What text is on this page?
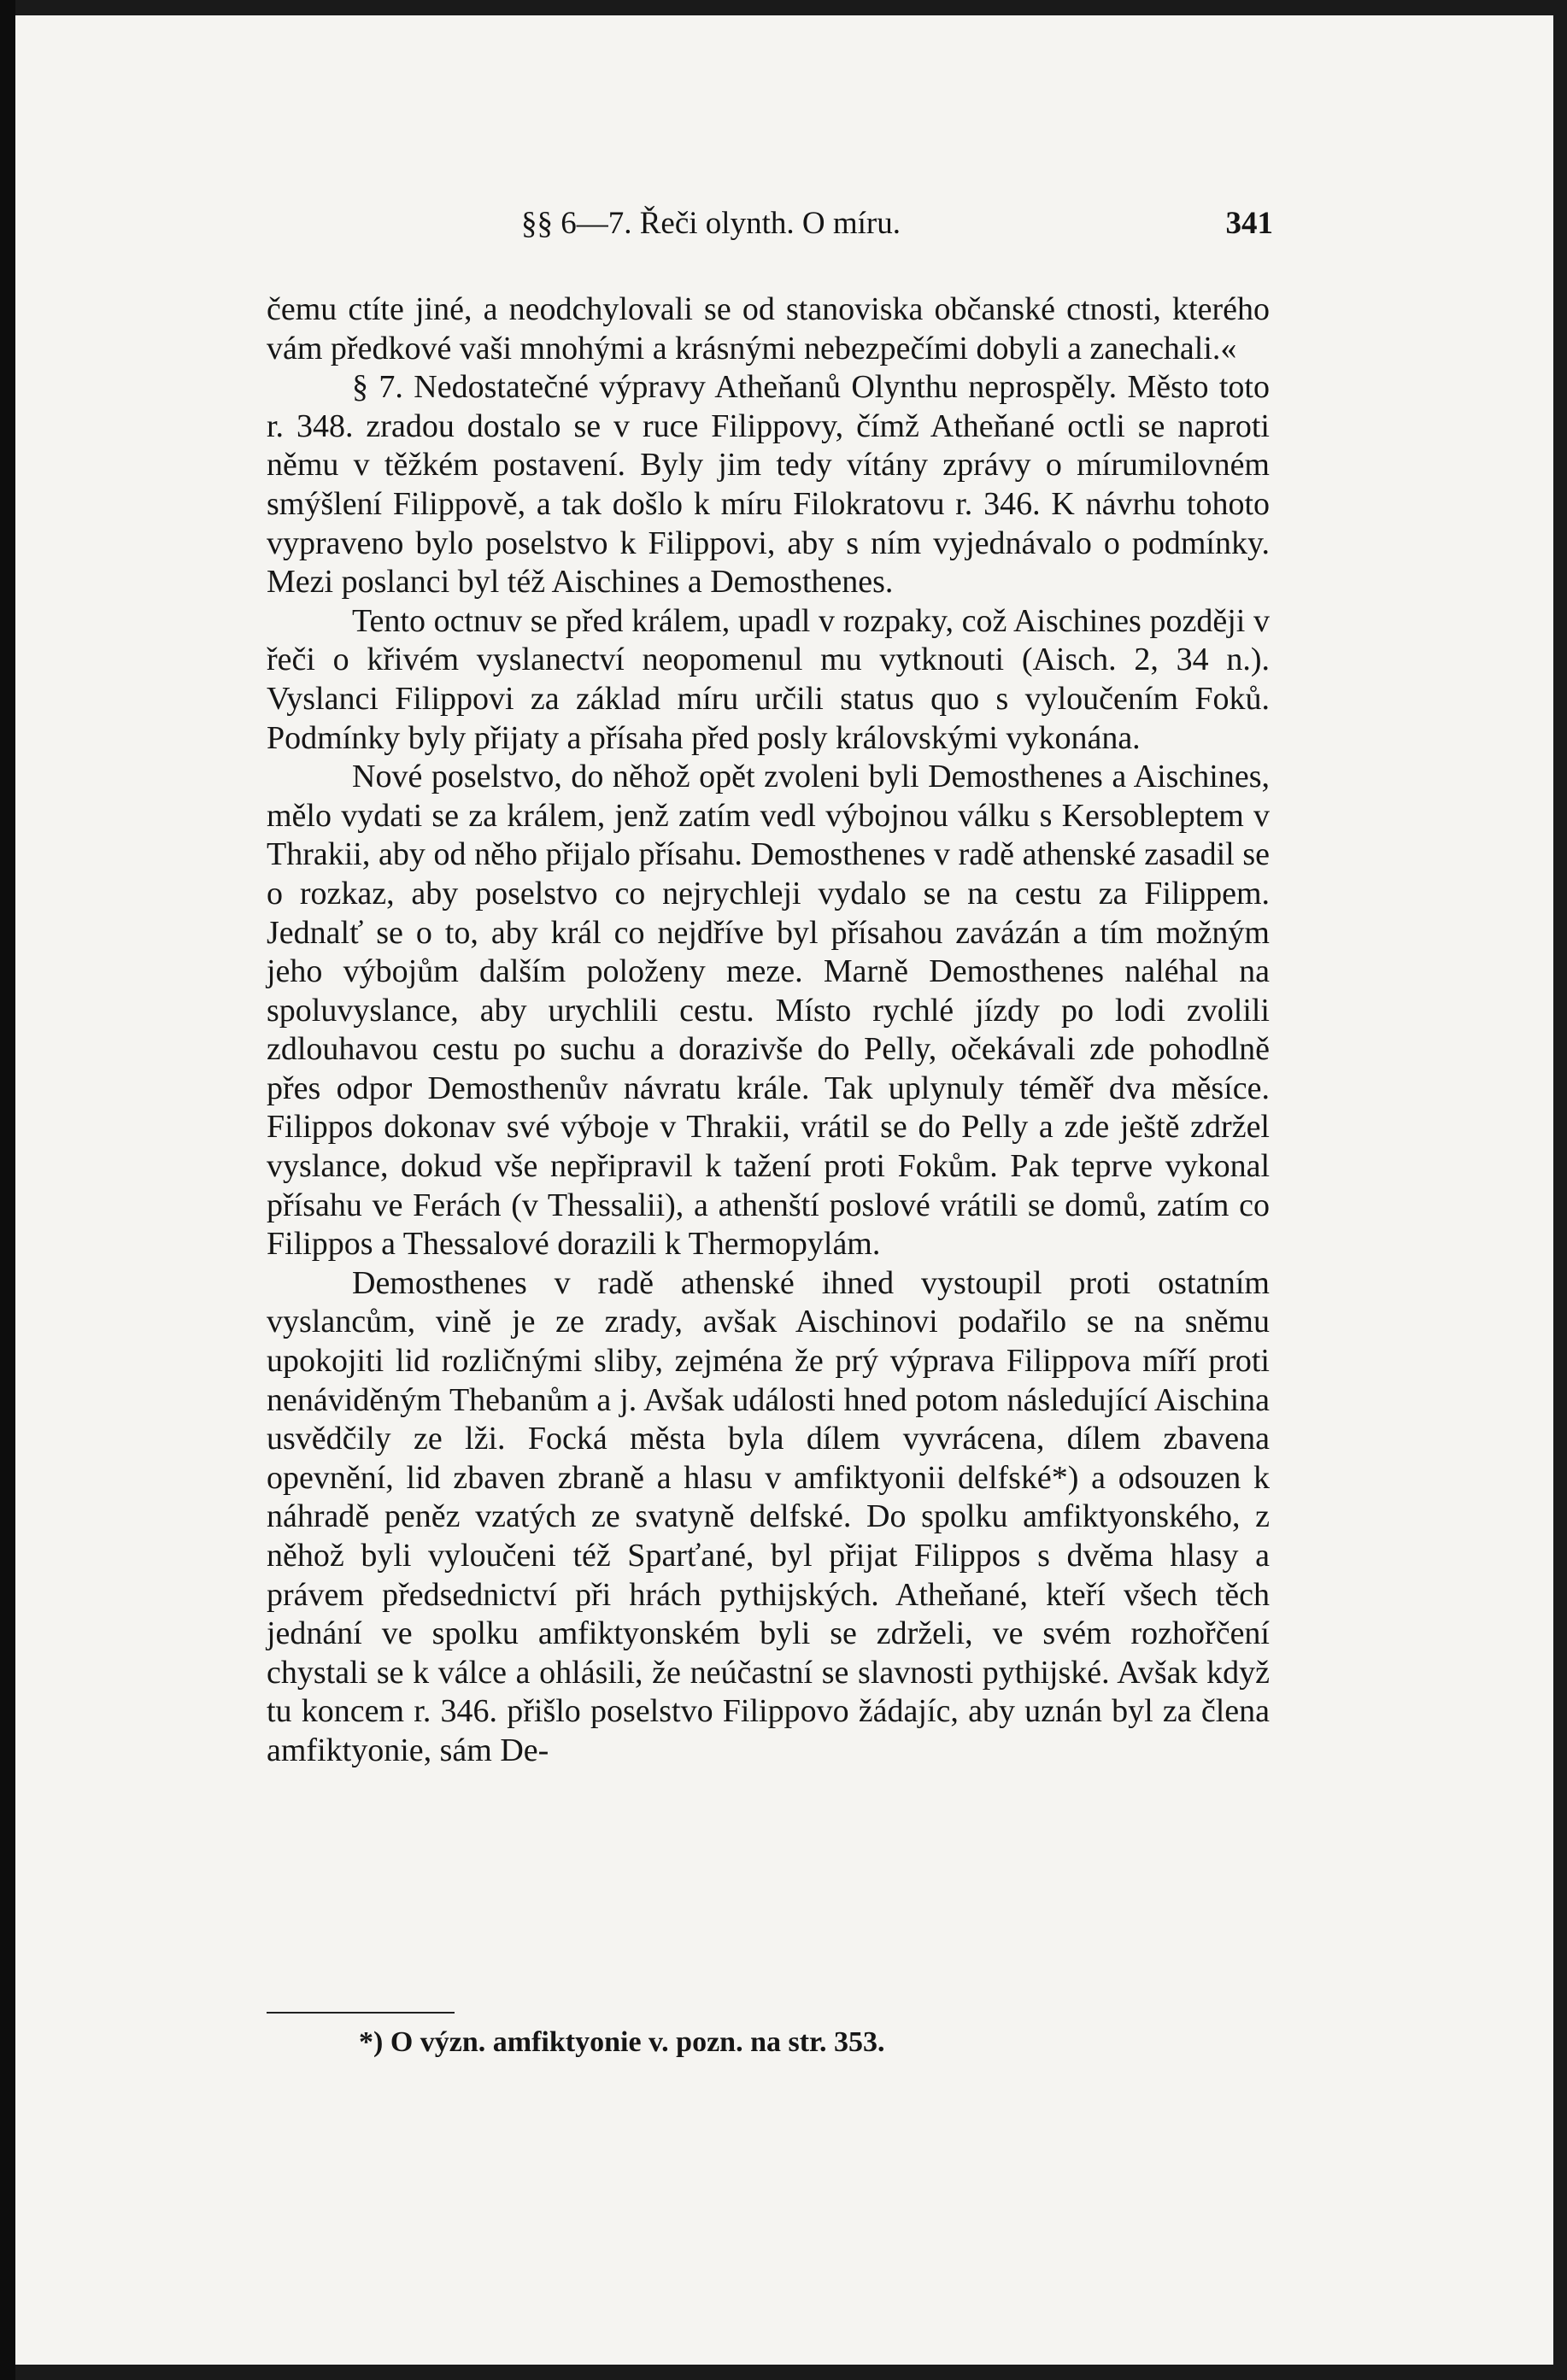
§§ 6—7. Řeči olynth. O míru.	341

čemu ctíte jiné, a neodchylovali se od stanoviska občanské ctnosti, kterého vám předkové vaši mnohými a krásnými nebezpečími dobyli a zanechali.«

§ 7. Nedostatečné výpravy Atheňanů Olynthu neprospěly. Město toto r. 348. zradou dostalo se v ruce Filippovy, čímž Atheňané octli se naproti němu v těžkém postavení. Byly jim tedy vítány zprávy o mírumilovném smýšlení Filippově, a tak došlo k míru Filokratovu r. 346. K návrhu tohoto vypraveno bylo poselstvo k Filippovi, aby s ním vyjednávalo o podmínky. Mezi poslanci byl též Aischines a Demosthenes.

Tento octnuv se před králem, upadl v rozpaky, což Aischines později v řeči o křivém vyslanectví neopomenul mu vytknouti (Aisch. 2, 34 n.). Vyslanci Filippovi za základ míru určili status quo s vyloučením Foků. Podmínky byly přijaty a přísaha před posly královskými vykonána.

Nové poselstvo, do něhož opět zvoleni byli Demosthenes a Aischines, mělo vydati se za králem, jenž zatím vedl výbojnou válku s Kersobleptem v Thrakii, aby od něho přijalo přísahu. Demosthenes v radě athenské zasadil se o rozkaz, aby poselstvo co nejrychleji vydalo se na cestu za Filippem. Jednalť se o to, aby král co nejdříve byl přísahou zavázán a tím možným jeho výbojům dalším položeny meze. Marně Demosthenes naléhal na spoluvyslance, aby urychlili cestu. Místo rychlé jízdy po lodi zvolili zdlouhavou cestu po suchu a dorazivše do Pelly, očekávali zde pohodlně přes odpor Demosthenův návratu krále. Tak uplynuly téměř dva měsíce. Filippos dokonav své výboje v Thrakii, vrátil se do Pelly a zde ještě zdržel vyslance, dokud vše nepřipravil k tažení proti Fokům. Pak teprve vykonal přísahu ve Ferách (v Thessalii), a athenští poslové vrátili se domů, zatím co Filippos a Thessalové dorazili k Thermopylám.

Demosthenes v radě athenské ihned vystoupil proti ostatním vyslancům, vině je ze zrady, avšak Aischinovi podařilo se na sněmu upokojiti lid rozličnými sliby, zejména že prý výprava Filippova míří proti nenáviděným Thebanům a j. Avšak události hned potom následující Aischina usvědčily ze lži. Focká města byla dílem vyvrácena, dílem zbavena opevnění, lid zbaven zbraně a hlasu v amfiktyonii delfské*) a odsouzen k náhradě peněz vzatých ze svatyně delfské. Do spolku amfiktyonského, z něhož byli vyloučeni též Sparťané, byl přijat Filippos s dvěma hlasy a právem předsednictví při hrách pythijských. Atheňané, kteří všech těch jednání ve spolku amfiktyonském byli se zdrželi, ve svém rozhořčení chystali se k válce a ohlásili, že neúčastní se slavnosti pythijské. Avšak když tu koncem r. 346. přišlo poselstvo Filippovo žádajíc, aby uznán byl za člena amfiktyonie, sám De-

*) O význ. amfiktyonie v. pozn. na str. 353.
